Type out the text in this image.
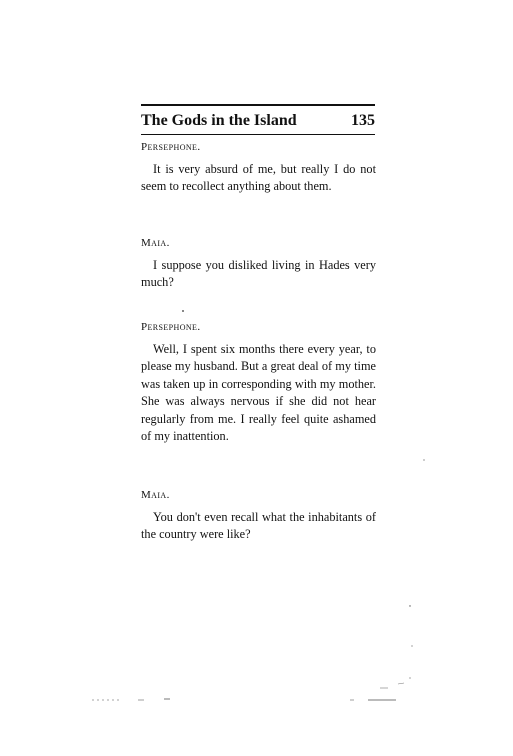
The Gods in the Island	135
Persephone.
It is very absurd of me, but really I do not seem to recollect anything about them.
Maia.
I suppose you disliked living in Hades very much?
Persephone.
Well, I spent six months there every year, to please my husband. But a great deal of my time was taken up in corresponding with my mother. She was always nervous if she did not hear regularly from me. I really feel quite ashamed of my inattention.
Maia.
You don't even recall what the inhabitants of the country were like?
